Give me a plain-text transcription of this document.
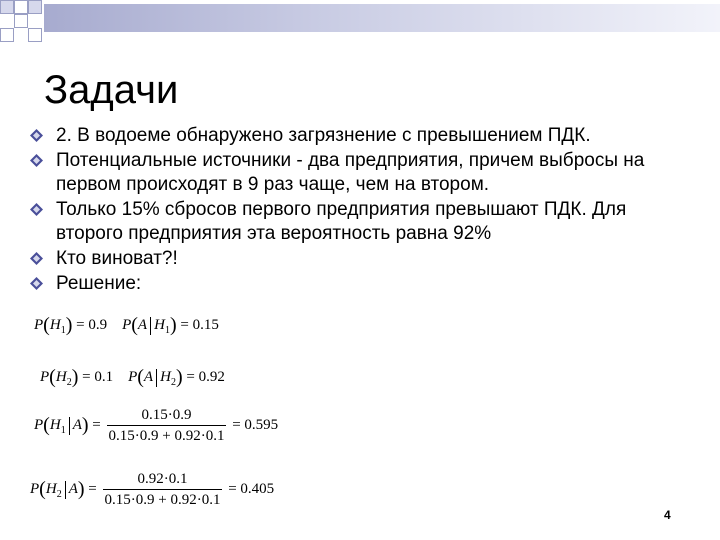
Задачи
2. В водоеме обнаружено загрязнение с превышением ПДК.
Потенциальные источники - два предприятия, причем выбросы на первом происходят в 9 раз чаще, чем на втором.
Только 15% сбросов первого предприятия превышают ПДК. Для второго предприятия эта вероятность равна 92%
Кто виноват?!
Решение:
$P(H_1) = 0.9$ P(A $H_1) = 0.15$
$P(H_2) = 0.1$ P(A $H_2) = 0.92$
$P(H_1$ $A) = \frac{0.15\cdot 0.9}{0.15\cdot 0.9 + 0.92\cdot 0.1} = 0.595$
$P(H_2$ $A) = \frac{0.92\cdot 0.1}{0.15\cdot 0.9 + 0.92\cdot 0.1} = 0.405$
4
